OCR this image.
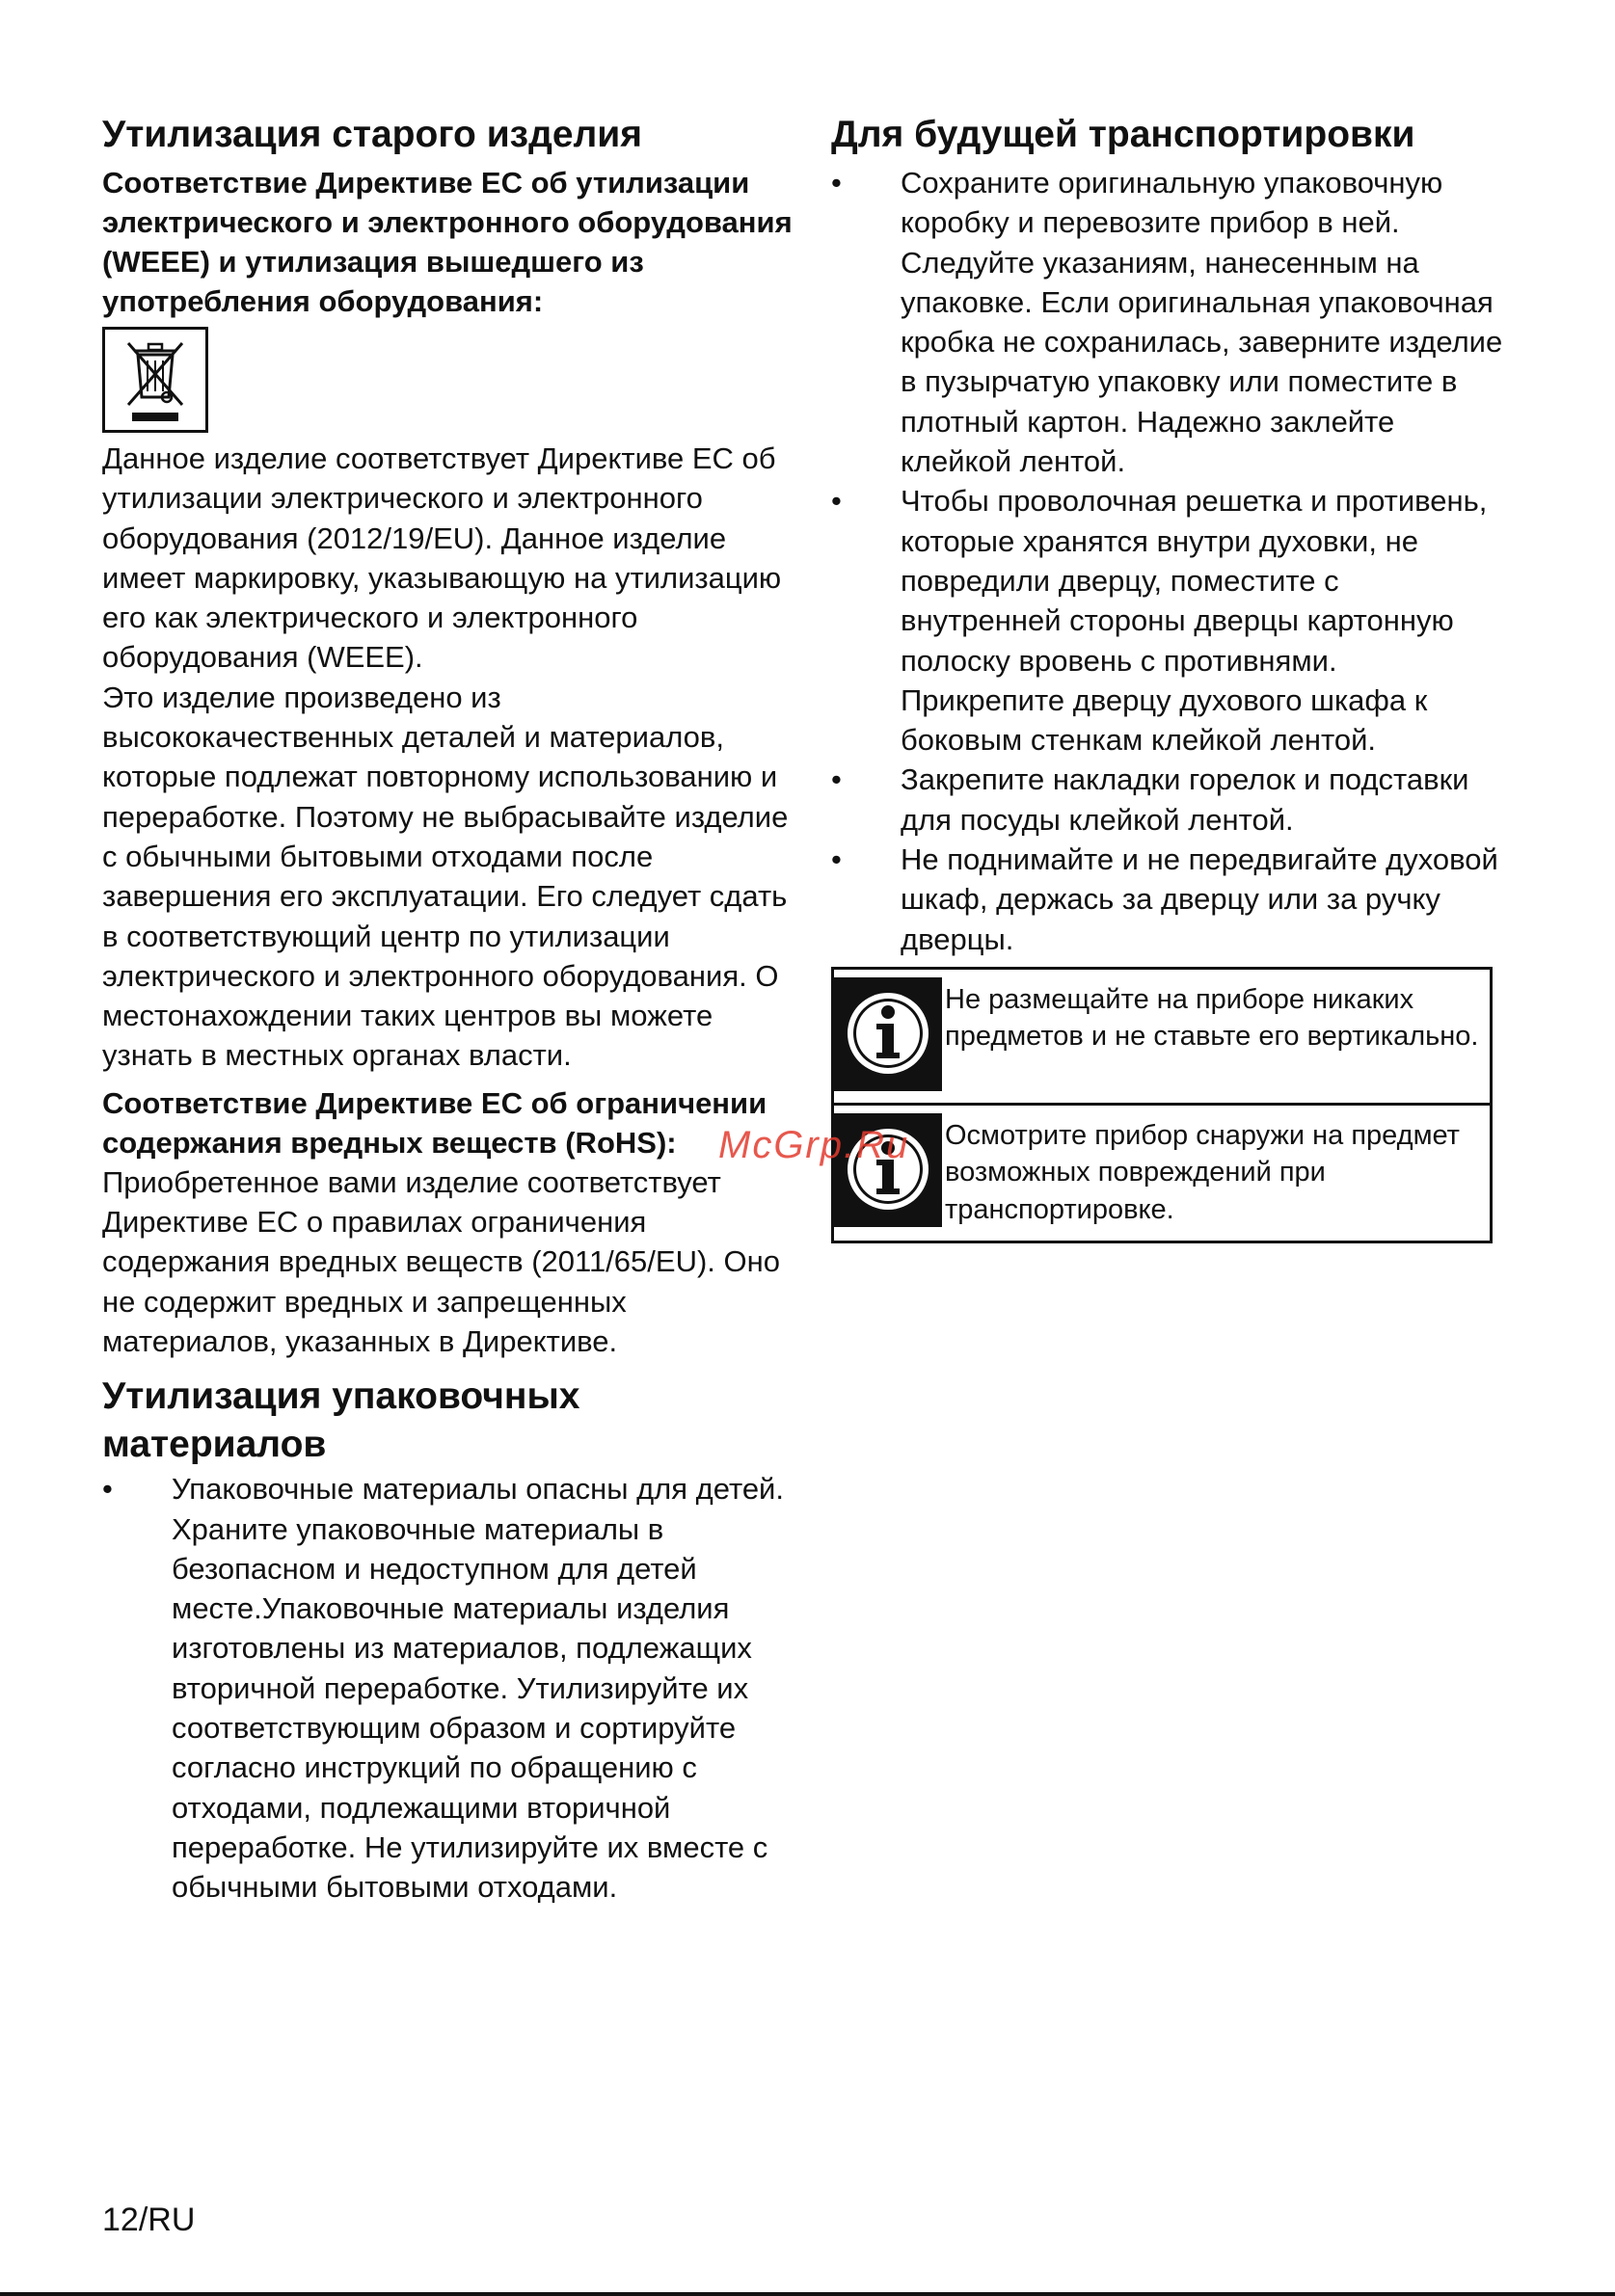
Утилизация старого изделия
Соответствие Директиве ЕС об утилизации электрического и электронного оборудования (WEEE) и утилизация вышедшего из употребления оборудования:

Данное изделие соответствует Директиве ЕС об утилизации электрического и электронного оборудования (2012/19/EU). Данное изделие имеет маркировку, указывающую на утилизацию его как электрического и электронного оборудования (WEEE).

Это изделие произведено из высококачественных деталей и материалов, которые подлежат повторному использованию и переработке. Поэтому не выбрасывайте изделие с обычными бытовыми отходами после завершения его эксплуатации. Его следует сдать в соответствующий центр по утилизации электрического и электронного оборудования. О местонахождении таких центров вы можете узнать в местных органах власти.

Соответствие Директиве ЕС об ограничении содержания вредных веществ (RoHS):

Приобретенное вами изделие соответствует Директиве ЕС о правилах ограничения содержания вредных веществ (2011/65/EU). Оно не содержит вредных и запрещенных материалов, указанных в Директиве.

Утилизация упаковочных материалов
• Упаковочные материалы опасны для детей. Храните упаковочные материалы в безопасном и недоступном для детей месте.Упаковочные материалы изделия изготовлены из материалов, подлежащих вторичной переработке. Утилизируйте их соответствующим образом и сортируйте согласно инструкций по обращению с отходами, подлежащими вторичной переработке. Не утилизируйте их вместе с обычными бытовыми отходами.
Для будущей транспортировки
• Сохраните оригинальную упаковочную коробку и перевозите прибор в ней. Следуйте указаниям, нанесенным на упаковке. Если оригинальная упаковочная кробка не сохранилась, заверните изделие в пузырчатую упаковку или поместите в плотный картон. Надежно заклейте клейкой лентой.
• Чтобы проволочная решетка и противень, которые хранятся внутри духовки, не повредили дверцу, поместите с внутренней стороны дверцы картонную полоску вровень с противнями. Прикрепите дверцу духового шкафа к боковым стенкам клейкой лентой.
• Закрепите накладки горелок и подставки для посуды клейкой лентой.
• Не поднимайте и не передвигайте духовой шкаф, держась за дверцу или за ручку дверцы.
Не размещайте на приборе никаких предметов и не ставьте его вертикально.
Осмотрите прибор снаружи на предмет возможных повреждений при транспортировке.
McGrp.Ru
12/RU
